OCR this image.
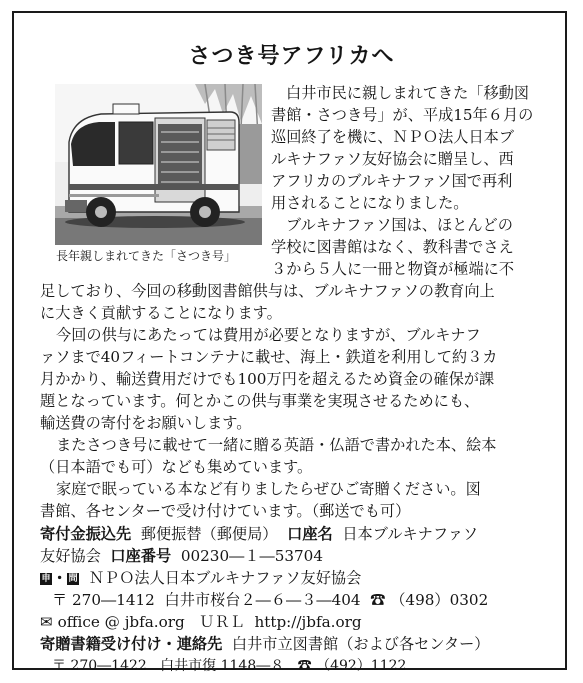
さつき号アフリカへ

長年親しまれてきた「さつき号」

白井市民に親しまれてきた「移動図

書館・さつき号」が、平成15年６月の

巡回終了を機に、ＮＰＯ法人日本ブ

ルキナファソ友好協会に贈呈し、西

アフリカのブルキナファソ国で再利

用されることになりました。

ブルキナファソ国は、ほとんどの

学校に図書館はなく、教科書でさえ

３から５人に一冊と物資が極端に不

足しており、今回の移動図書館供与は、ブルキナファソの教育向上

に大きく貢献することになります。

今回の供与にあたっては費用が必要となりますが、ブルキナフ

ァソまで40フィートコンテナに載せ、海上・鉄道を利用して約３カ

月かかり、輸送費用だけでも100万円を超えるため資金の確保が課

題となっています。何とかこの供与事業を実現させるためにも、

輸送費の寄付をお願いします。

またさつき号に載せて一緒に贈る英語・仏語で書かれた本、絵本

（日本語でも可）なども集めています。

家庭で眠っている本など有りましたらぜひご寄贈ください。図

書館、各センターで受け付けています。（郵送でも可）

寄付金振込先 郵便振替（郵便局） 口座名 日本ブルキナファソ

友好協会 口座番号 00230―１―53704

申・問 ＮＰＯ法人日本ブルキナファソ友好協会

〒 270―1412 白井市桜台２―６―３―404 ☎ （498）0302

✉ office @ jbfa.org ＵＲＬ http://jbfa.org

寄贈書籍受け付け・連絡先 白井市立図書館（および各センター）

〒 270―1422 白井市復 1148―８ ☎ （492）1122
